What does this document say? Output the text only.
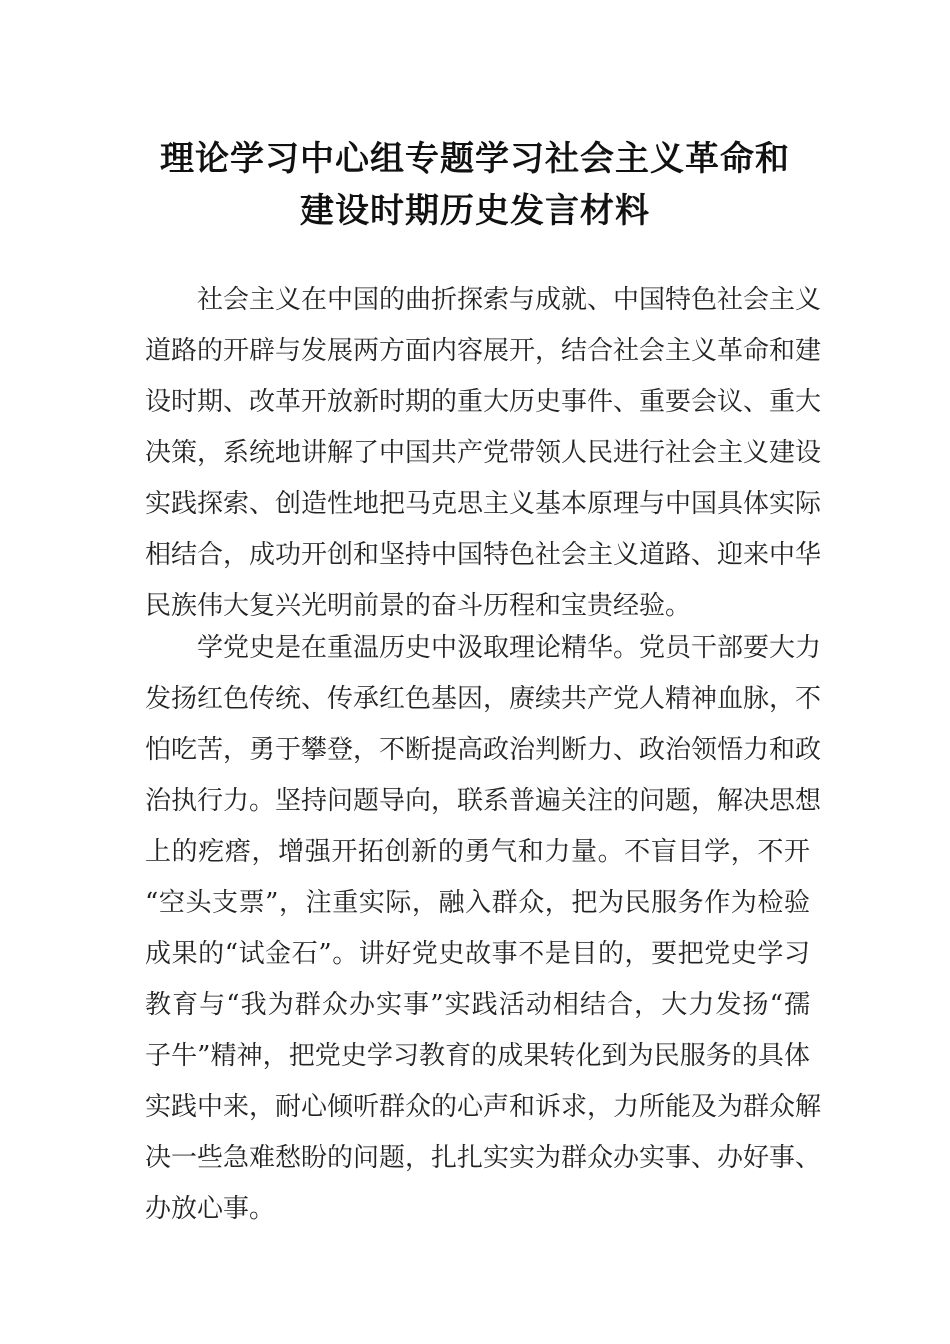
理论学习中心组专题学习社会主义革命和
建设时期历史发言材料
社会主义在中国的曲折探索与成就、中国特色社会主义
道路的开辟与发展两方面内容展开，结合社会主义革命和建
设时期、改革开放新时期的重大历史事件、重要会议、重大
决策，系统地讲解了中国共产党带领人民进行社会主义建设
实践探索、创造性地把马克思主义基本原理与中国具体实际
相结合，成功开创和坚持中国特色社会主义道路、迎来中华
民族伟大复兴光明前景的奋斗历程和宝贵经验。
学党史是在重温历史中汲取理论精华。党员干部要大力
发扬红色传统、传承红色基因，赓续共产党人精神血脉，不
怕吃苦，勇于攀登，不断提高政治判断力、政治领悟力和政
治执行力。坚持问题导向，联系普遍关注的问题，解决思想
上的疙瘩，增强开拓创新的勇气和力量。不盲目学，不开
“空头支票”，注重实际，融入群众，把为民服务作为检验
成果的“试金石”。讲好党史故事不是目的，要把党史学习
教育与“我为群众办实事”实践活动相结合，大力发扬“孺
子牛”精神，把党史学习教育的成果转化到为民服务的具体
实践中来，耐心倾听群众的心声和诉求，力所能及为群众解
决一些急难愁盼的问题，扎扎实实为群众办实事、办好事、
办放心事。
